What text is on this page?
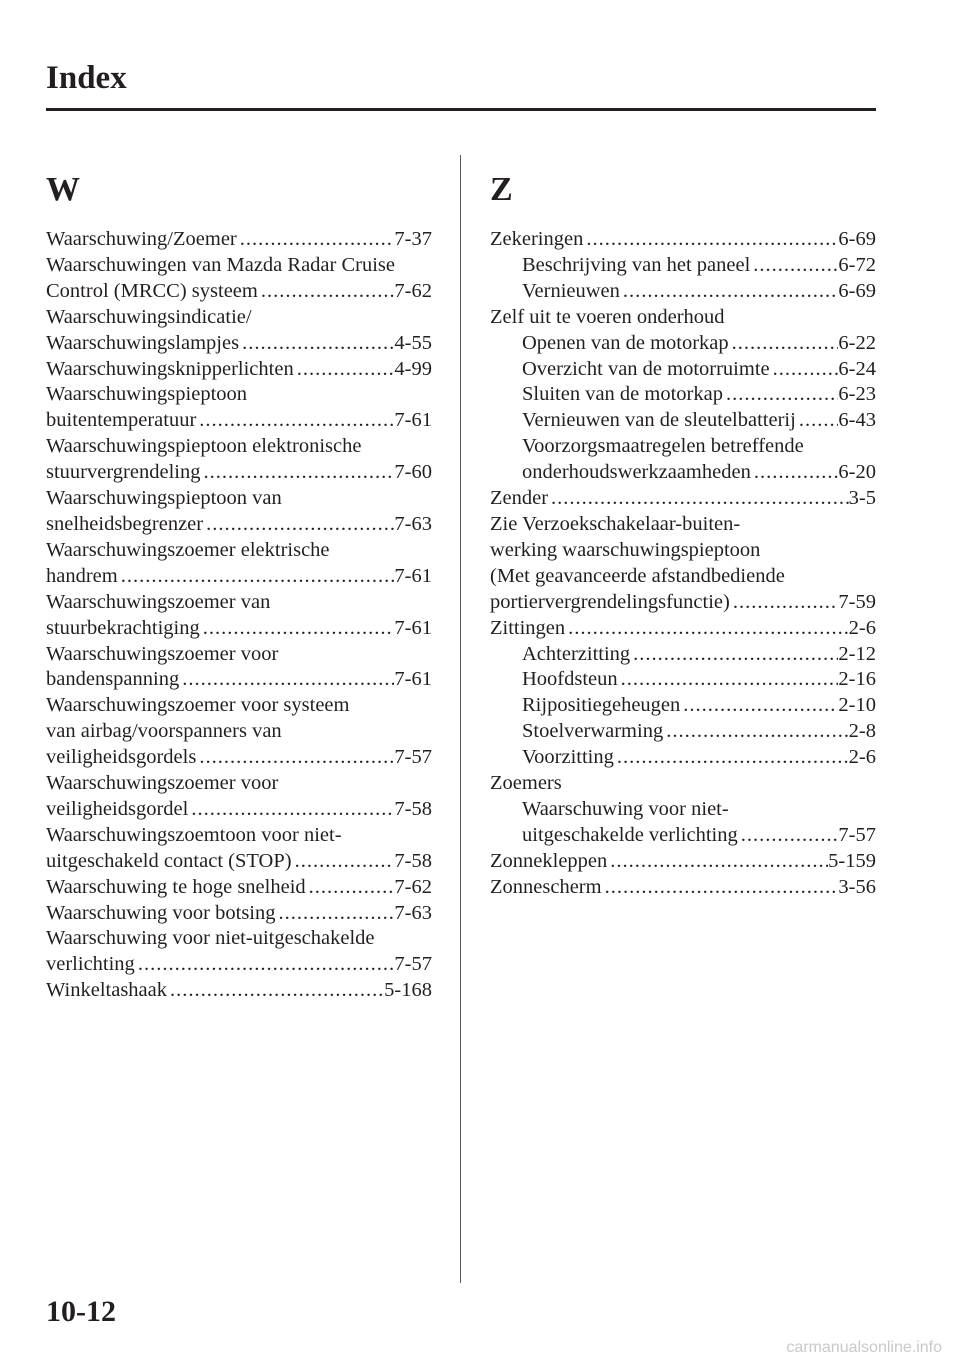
Index
W
Waarschuwing/Zoemer .....	7-37
Waarschuwingen van Mazda Radar Cruise
Control (MRCC) systeem .....	7-62
Waarschuwingsindicatie/
Waarschuwingslampjes .....	4-55
Waarschuwingsknipperlichten .....	4-99
Waarschuwingspieptoon
buitentemperatuur .....	7-61
Waarschuwingspieptoon elektronische
stuurvergrendeling .....	7-60
Waarschuwingspieptoon van
snelheidsbegrenzer .....	7-63
Waarschuwingszoemer elektrische
handrem .....	7-61
Waarschuwingszoemer van
stuurbekrachtiging .....	7-61
Waarschuwingszoemer voor
bandenspanning .....	7-61
Waarschuwingszoemer voor systeem
van airbag/voorspanners van
veiligheidsgordels .....	7-57
Waarschuwingszoemer voor
veiligheidsgordel .....	7-58
Waarschuwingszoemtoon voor niet-
uitgeschakeld contact (STOP) .....	7-58
Waarschuwing te hoge snelheid .....	7-62
Waarschuwing voor botsing .....	7-63
Waarschuwing voor niet-uitgeschakelde
verlichting .....	7-57
Winkeltashaak .....	5-168
Z
Zekeringen .....	6-69
Beschrijving van het paneel .....	6-72
Vernieuwen .....	6-69
Zelf uit te voeren onderhoud
Openen van de motorkap .....	6-22
Overzicht van de motorruimte .....	6-24
Sluiten van de motorkap .....	6-23
Vernieuwen van de sleutelbatterij ..... 6-43
Voorzorgsmaatregelen betreffende
onderhoudswerkzaamheden .....	6-20
Zender .....	3-5
Zie Verzoekschakelaar-buiten-
werking waarschuwingspieptoon
(Met geavanceerde afstandbediende
portiervergrendelingsfunctie) .....	7-59
Zittingen .....	2-6
Achterzitting .....	2-12
Hoofdsteun .....	2-16
Rijpositiegeheugen .....	2-10
Stoelverwarming .....	2-8
Voorzitting .....	2-6
Zoemers
Waarschuwing voor niet-
uitgeschakelde verlichting .....	7-57
Zonnekleppen .....	5-159
Zonnescherm .....	3-56
10-12
carmanualsonline.info
